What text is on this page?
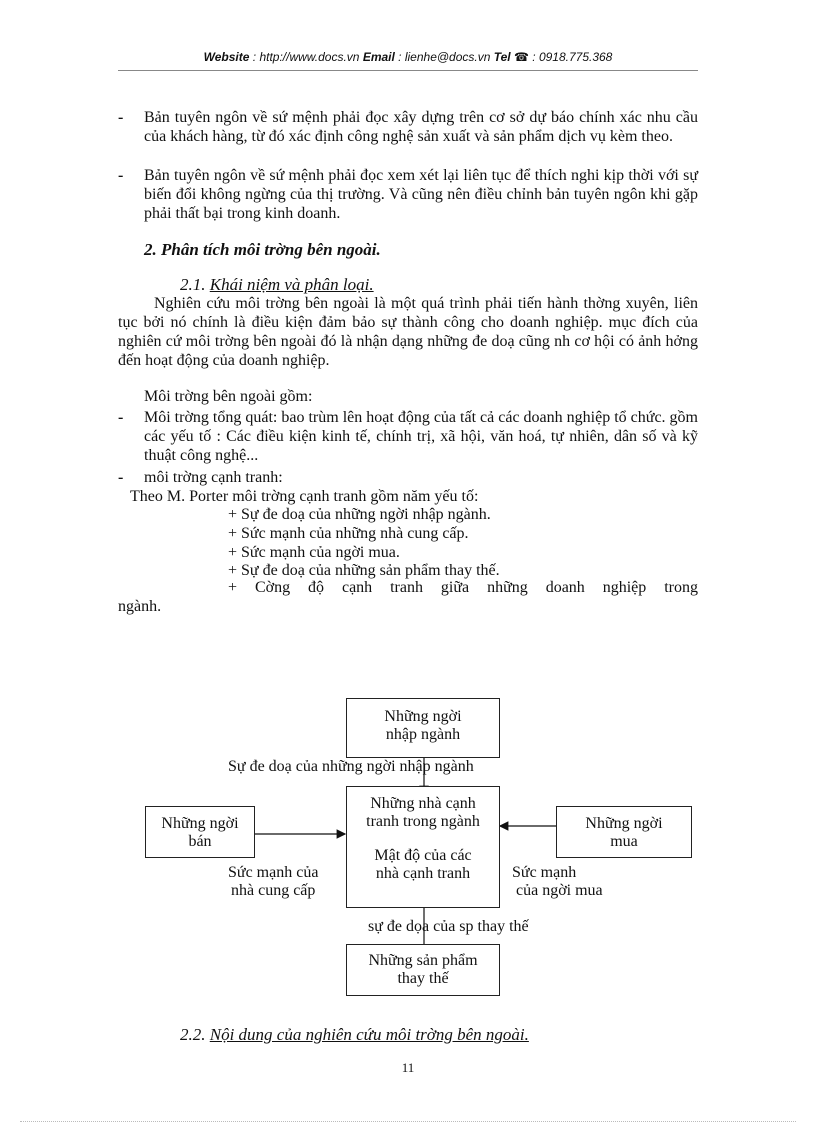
Website : http://www.docs.vn Email : lienhe@docs.vn Tel ☎ : 0918.775.368
- Bản tuyên ngôn về sứ mệnh phải đọc xây dựng trên cơ sở dự báo chính xác nhu cầu của khách hàng, từ đó xác định công nghệ sản xuất và sản phẩm dịch vụ kèm theo.
- Bản tuyên ngôn về sứ mệnh phải đọc xem xét lại liên tục để thích nghi kịp thời với sự biến đổi không ngừng của thị trường. Và cũng nên điều chỉnh bản tuyên ngôn khi gặp phải thất bại trong kinh doanh.
2. Phân tích môi trờng bên ngoài.
2.1. Khái niệm và phân loại.
Nghiên cứu môi trờng bên ngoài là một quá trình phải tiến hành thờng xuyên, liên tục bởi nó chính là điều kiện đảm bảo sự thành công cho doanh nghiệp. mục đích của nghiên cứ môi trờng bên ngoài đó là nhận dạng những đe doạ cũng nh cơ hội có ảnh hởng đến hoạt động của doanh nghiệp.
Môi trờng bên ngoài gồm:
- Môi trờng tổng quát: bao trùm lên hoạt động của tất cả các doanh nghiệp tổ chức. gồm các yếu tố : Các điều kiện kinh tế, chính trị, xã hội, văn hoá, tự nhiên, dân số và kỹ thuật công nghệ...
- môi trờng cạnh tranh:
Theo M. Porter môi trờng cạnh tranh gồm năm yếu tố:
+ Sự đe doạ của những ngời nhập ngành.
+ Sức mạnh của những nhà cung cấp.
+ Sức mạnh của ngời mua.
+ Sự đe doạ của những sản phẩm thay thế.
+ Cờng độ cạnh tranh giữa những doanh nghiệp trong
ngành.
Những ngời
nhập ngành
Sự đe doạ của những ngời nhập ngành
Những nhà cạnh
tranh trong ngành
Mật độ của các
nhà cạnh tranh
Những ngời
bán
Những ngời
mua
Sức mạnh của
nhà cung cấp
Sức mạnh
của ngời mua
sự đe dọa của sp thay thế
Những sản phẩm
thay thế
2.2. Nội dung của nghiên cứu môi trờng bên ngoài.
11
